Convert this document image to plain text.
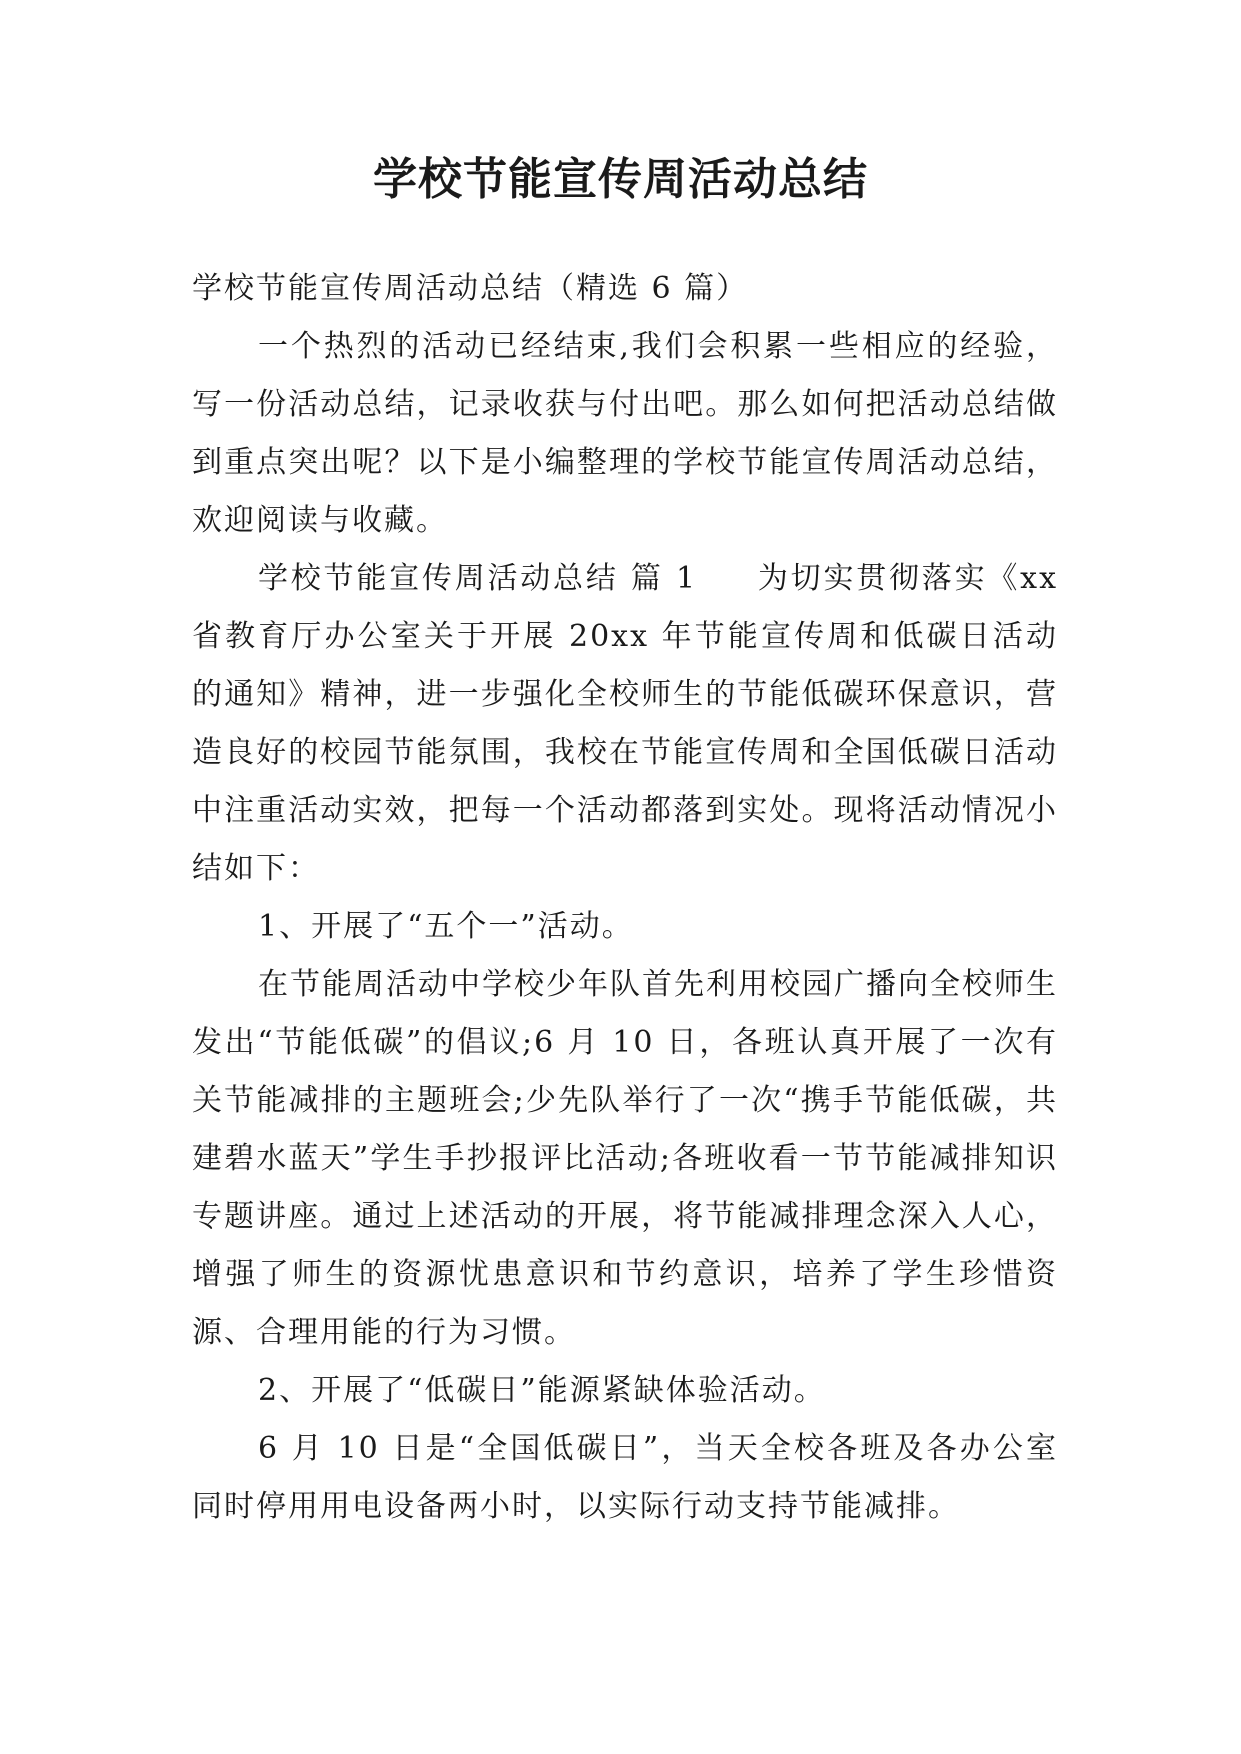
学校节能宣传周活动总结

学校节能宣传周活动总结（精选 6 篇）

一个热烈的活动已经结束,我们会积累一些相应的经验，写一份活动总结，记录收获与付出吧。那么如何把活动总结做到重点突出呢？以下是小编整理的学校节能宣传周活动总结，欢迎阅读与收藏。

学校节能宣传周活动总结 篇 1 为切实贯彻落实《xx 省教育厅办公室关于开展 20xx 年节能宣传周和低碳日活动的通知》精神，进一步强化全校师生的节能低碳环保意识，营造良好的校园节能氛围，我校在节能宣传周和全国低碳日活动中注重活动实效，把每一个活动都落到实处。现将活动情况小结如下：

1、开展了“五个一”活动。

在节能周活动中学校少年队首先利用校园广播向全校师生发出“节能低碳”的倡议;6 月 10 日，各班认真开展了一次有关节能减排的主题班会;少先队举行了一次“携手节能低碳，共建碧水蓝天”学生手抄报评比活动;各班收看一节节能减排知识专题讲座。通过上述活动的开展，将节能减排理念深入人心，增强了师生的资源忧患意识和节约意识，培养了学生珍惜资源、合理用能的行为习惯。

2、开展了“低碳日”能源紧缺体验活动。

6 月 10 日是“全国低碳日”，当天全校各班及各办公室同时停用用电设备两小时，以实际行动支持节能减排。
